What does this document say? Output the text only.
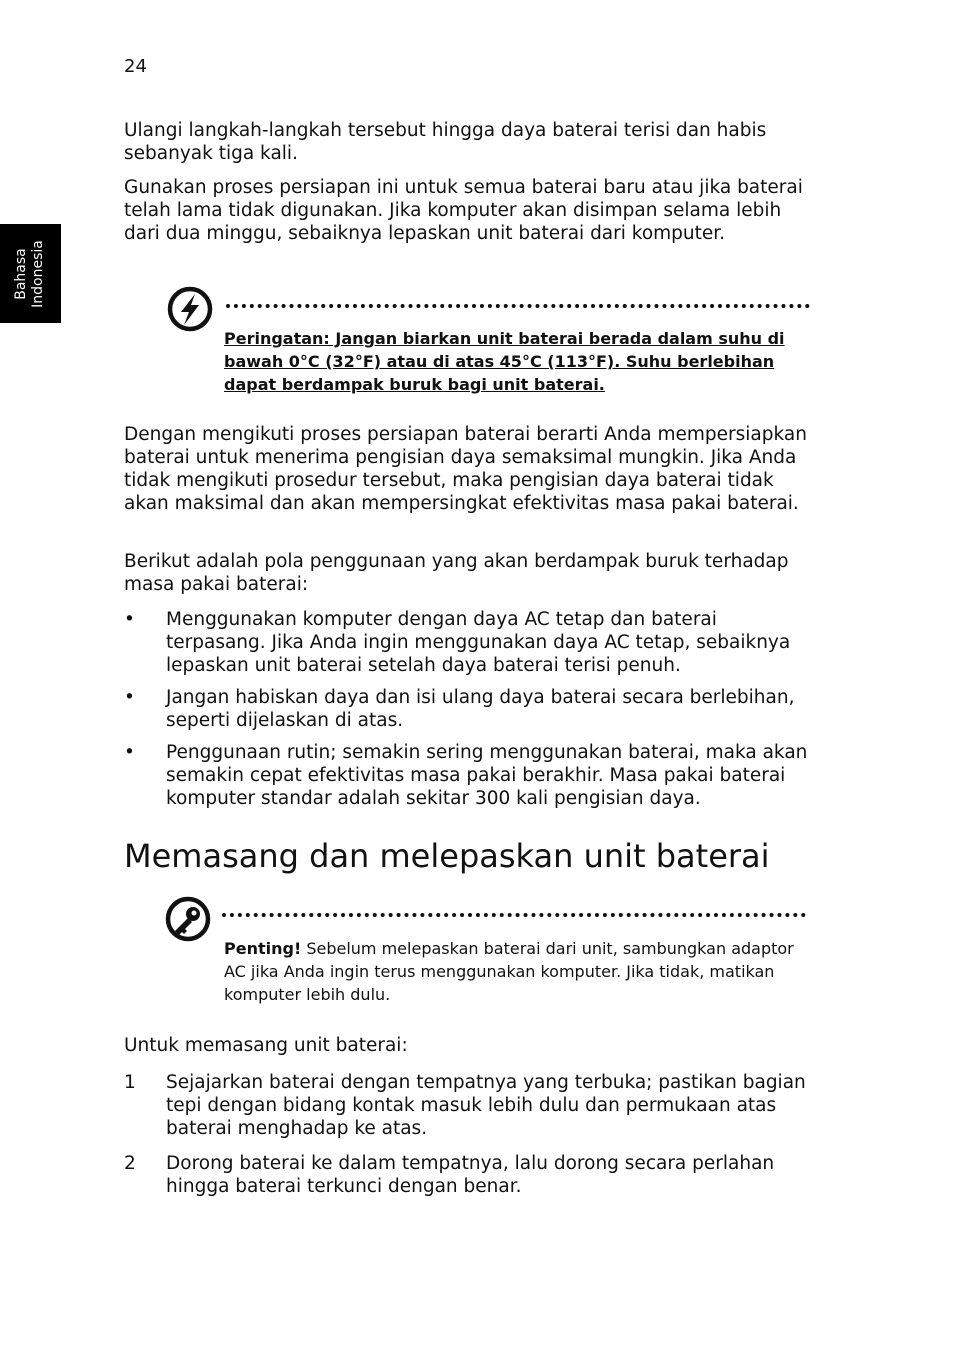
24
Bahasa Indonesia

Ulangi langkah-langkah tersebut hingga daya baterai terisi dan habis sebanyak tiga kali.

Gunakan proses persiapan ini untuk semua baterai baru atau jika baterai telah lama tidak digunakan. Jika komputer akan disimpan selama lebih dari dua minggu, sebaiknya lepaskan unit baterai dari komputer.

Peringatan: Jangan biarkan unit baterai berada dalam suhu di bawah 0°C (32°F) atau di atas 45°C (113°F). Suhu berlebihan dapat berdampak buruk bagi unit baterai.

Dengan mengikuti proses persiapan baterai berarti Anda mempersiapkan baterai untuk menerima pengisian daya semaksimal mungkin. Jika Anda tidak mengikuti prosedur tersebut, maka pengisian daya baterai tidak akan maksimal dan akan mempersingkat efektivitas masa pakai baterai.

Berikut adalah pola penggunaan yang akan berdampak buruk terhadap masa pakai baterai:

• Menggunakan komputer dengan daya AC tetap dan baterai terpasang. Jika Anda ingin menggunakan daya AC tetap, sebaiknya lepaskan unit baterai setelah daya baterai terisi penuh.
• Jangan habiskan daya dan isi ulang daya baterai secara berlebihan, seperti dijelaskan di atas.
• Penggunaan rutin; semakin sering menggunakan baterai, maka akan semakin cepat efektivitas masa pakai berakhir. Masa pakai baterai komputer standar adalah sekitar 300 kali pengisian daya.
Memasang dan melepaskan unit baterai
Penting! Sebelum melepaskan baterai dari unit, sambungkan adaptor AC jika Anda ingin terus menggunakan komputer. Jika tidak, matikan komputer lebih dulu.

Untuk memasang unit baterai:

1 Sejajarkan baterai dengan tempatnya yang terbuka; pastikan bagian tepi dengan bidang kontak masuk lebih dulu dan permukaan atas baterai menghadap ke atas.
2 Dorong baterai ke dalam tempatnya, lalu dorong secara perlahan hingga baterai terkunci dengan benar.
